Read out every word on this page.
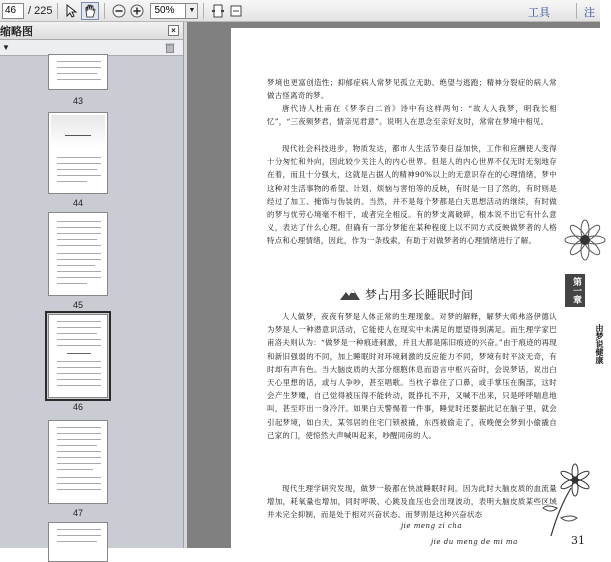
46
/ 225
50%	▼	工具	注
缩略图	×
▼
43
44
45
46
47
梦境也更富创造性；抑郁症病人常梦见孤立无助、绝望与逃跑；精神分裂症的病人常做古怪离奇的梦。
唐代诗人杜甫在《梦李白二首》诗中有这样两句：“故人入我梦，明我长相忆”，“三夜频梦君，情亲见君意”。说明人在思念至亲好友时，常常在梦境中相见。
现代社会科技进步，物质发达，都市人生活节奏日益加快，工作和应酬使人变得十分匆忙和外向，因此较少关注人的内心世界。但是人的内心世界不仅无时无刻地存在着，而且十分强大，这就是占据人的精神90%以上的无意识存在的心理情绪，梦中这种对生活事物的希望、计划、烦恼与害怕等的反映，有时是一目了然的，有时则是经过了加工、掩饰与伪装的。当然，并不是每个梦都是白天思想活动的继续，有时做的梦与忧劳心境毫不相干，或者完全相反。有的梦支离破碎，根本说不出它有什么意义，表达了什么心理。但确有一部分梦能在某种程度上以不同方式反映做梦者的人格特点和心理情绪，因此，作为一条线索，有助于对做梦者的心理情绪进行了解。
梦占用多长睡眠时间
人人做梦，夜夜有梦是人体正常的生理现象。对梦的解释，解梦大师弗洛伊德认为梦是人一种潜意识活动，它能使人在现实中未满足的愿望得到满足。而生理学家巴甫洛夫则认为：“做梦是一种痕迹刺激，并且大都是陈旧痕迹的兴奋。”由于痕迹的再现和新旧强弱的不同，加上睡眠时对环境刺激的反应能力不同，梦境有时平淡无奇，有时却有声有色。当大脑皮质的大部分细胞休息而语言中枢兴奋时，会说梦话，说出白天心里想的话，或与人争吵，甚至唱歌。当枕子靠住了口鼻，或手掌压在胸部，这时会产生梦魇，自己觉得被压得不能转动，既挣扎不开，又喊不出来，只是呼呼喘息地叫，甚至吓出一身冷汗。如果白天警惕着一件事，睡觉时还要据此记在脑子里，就会引起梦境，如白天，某邻居的住宅门锁被撬，东西被偷走了，夜晚便会梦到小偷撬自己家的门，使惊然大声喊叫起来，吵醒同房的人。
现代生理学研究发现，做梦一般都在快波睡眠时间。因为此时大脑皮质的血流量增加，耗氧量也增加，同时呼吸、心跳及血压也会出现波动，表明大脑皮质某些区域并未完全抑制，而是处于相对兴奋状态。而梦则是这种兴奋状态
第一章
由梦说健康
jie meng zi cha
jie du meng de mi ma	31
